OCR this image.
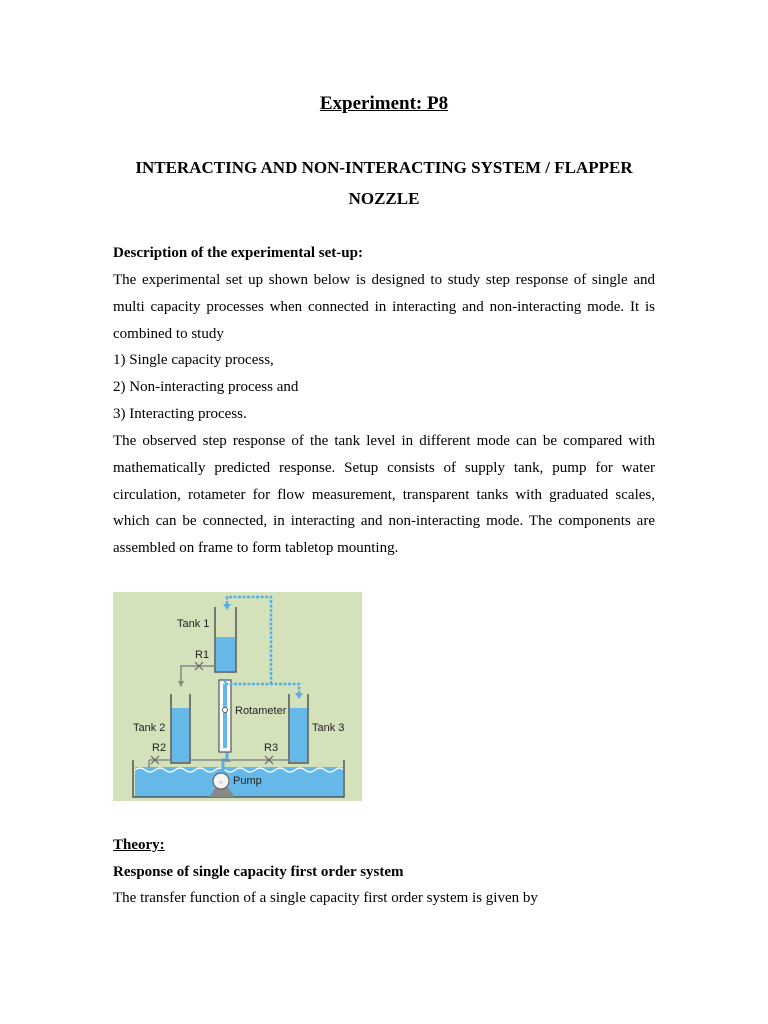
Experiment: P8
INTERACTING AND NON-INTERACTING SYSTEM / FLAPPER NOZZLE
Description of the experimental set-up:
The experimental set up shown below is designed to study step response of single and multi capacity processes when connected in interacting and non-interacting mode. It is combined to study
1) Single capacity process,
2) Non-interacting process and
3) Interacting process.
The observed step response of the tank level in different mode can be compared with mathematically predicted response. Setup consists of supply tank, pump for water circulation, rotameter for flow measurement, transparent tanks with graduated scales, which can be connected, in interacting and non-interacting mode. The components are assembled on frame to form tabletop mounting.
○ Pump
Rotameter
Tank 1
R1
Tank 2
R2
Tank 3
R3
Theory:
Response of single capacity first order system
The transfer function of a single capacity first order system is given by
